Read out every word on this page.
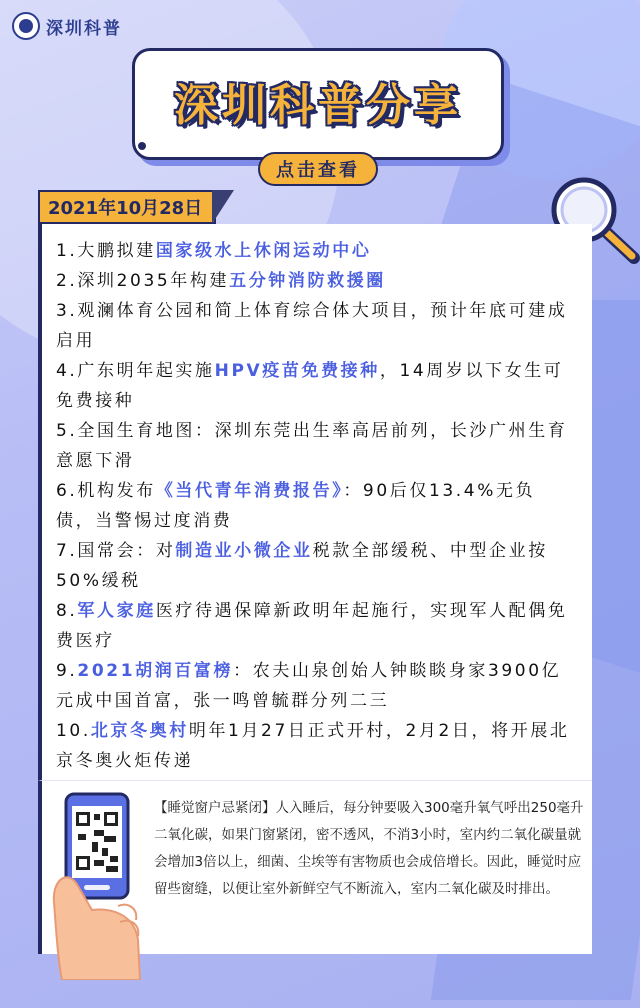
深圳科普
深圳科普分享
点击查看
2021年10月28日
1.大鹏拟建国家级水上休闲运动中心
2.深圳2035年构建五分钟消防救援圈
3.观澜体育公园和简上体育综合体大项目，预计年底可建成启用
4.广东明年起实施HPV疫苗免费接种，14周岁以下女生可免费接种
5.全国生育地图：深圳东莞出生率高居前列，长沙广州生育意愿下滑
6.机构发布《当代青年消费报告》：90后仅13.4%无负债，当警惕过度消费
7.国常会：对制造业小微企业税款全部缓税、中型企业按50%缓税
8.军人家庭医疗待遇保障新政明年起施行，实现军人配偶免费医疗
9.2021胡润百富榜：农夫山泉创始人钟睒睒身家3900亿元成中国首富，张一鸣曾毓群分列二三
10.北京冬奥村明年1月27日正式开村，2月2日，将开展北京冬奥火炬传递
【睡觉窗户忌紧闭】人入睡后，每分钟要吸入300毫升氧气呼出250毫升二氧化碳，如果门窗紧闭，密不透风，不消3小时，室内约二氧化碳量就会增加3倍以上，细菌、尘埃等有害物质也会成倍增长。因此，睡觉时应留些窗缝，以便让室外新鲜空气不断流入，室内二氧化碳及时排出。
